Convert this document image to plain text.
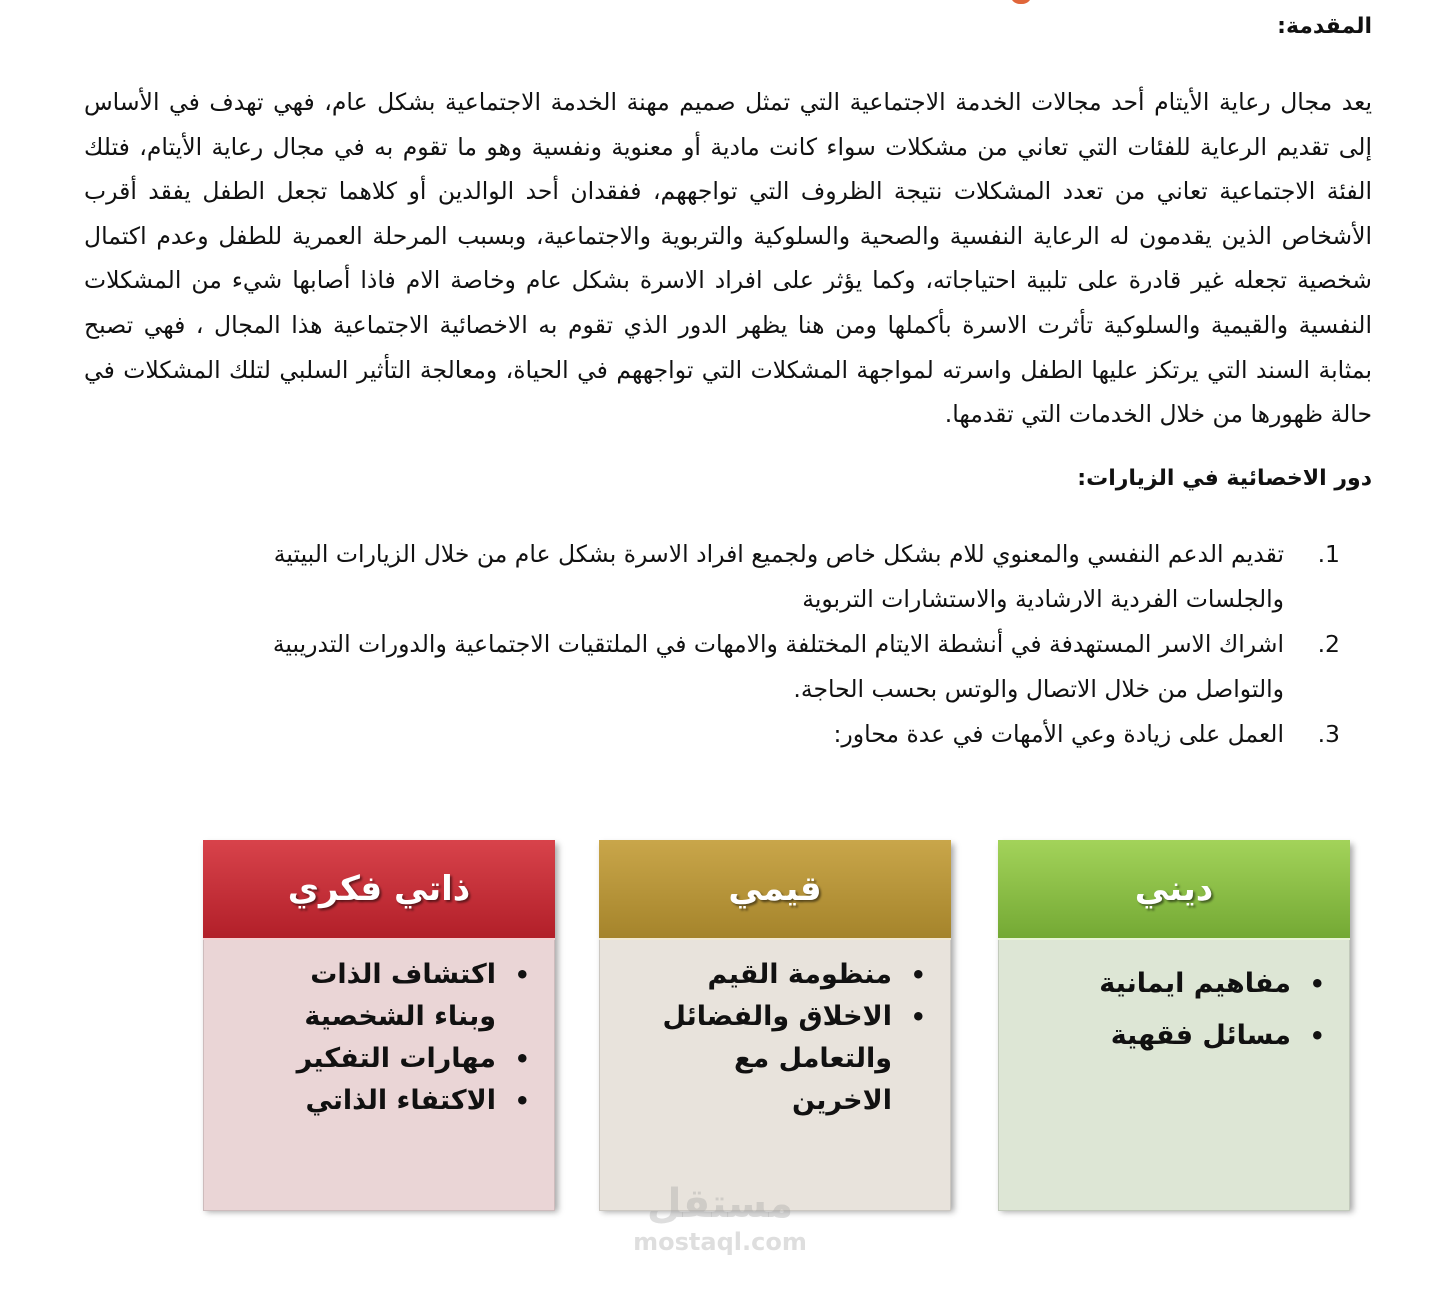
المقدمة:

يعد مجال رعاية الأيتام أحد مجالات الخدمة الاجتماعية التي تمثل صميم مهنة الخدمة الاجتماعية بشكل عام، فهي تهدف في الأساس إلى تقديم الرعاية للفئات التي تعاني من مشكلات سواء كانت مادية أو معنوية ونفسية وهو ما تقوم به في مجال رعاية الأيتام، فتلك الفئة الاجتماعية تعاني من تعدد المشكلات نتيجة الظروف التي تواجههم، ففقدان أحد الوالدين أو كلاهما تجعل الطفل يفقد أقرب الأشخاص الذين يقدمون له الرعاية النفسية والصحية والسلوكية والتربوية والاجتماعية، وبسبب المرحلة العمرية للطفل وعدم اكتمال شخصية تجعله غير قادرة على تلبية احتياجاته، وكما يؤثر على افراد الاسرة بشكل عام وخاصة الام فاذا أصابها شيء من المشكلات النفسية والقيمية والسلوكية تأثرت الاسرة بأكملها ومن هنا يظهر الدور الذي تقوم به الاخصائية الاجتماعية هذا المجال ، فهي تصبح بمثابة السند التي يرتكز عليها الطفل واسرته لمواجهة المشكلات التي تواجههم في الحياة، ومعالجة التأثير السلبي لتلك المشكلات في حالة ظهورها من خلال الخدمات التي تقدمها.

دور الاخصائية في الزيارات:
1.
تقديم الدعم النفسي والمعنوي للام بشكل خاص ولجميع افراد الاسرة بشكل عام من خلال الزيارات البيتية والجلسات الفردية الارشادية والاستشارات التربوية
2.
اشراك الاسر المستهدفة في أنشطة الايتام المختلفة والامهات في الملتقيات الاجتماعية والدورات التدريبية والتواصل من خلال الاتصال والوتس بحسب الحاجة.
3.
العمل على زيادة وعي الأمهات في عدة محاور:
ديني
• مفاهيم ايمانية
• مسائل فقهية
قيمي
• منظومة القيم
• الاخلاق والفضائل والتعامل مع الاخرين
ذاتي فكري
• اكتشاف الذات وبناء الشخصية
• مهارات التفكير
• الاكتفاء الذاتي
مستقل
mostaql.com
